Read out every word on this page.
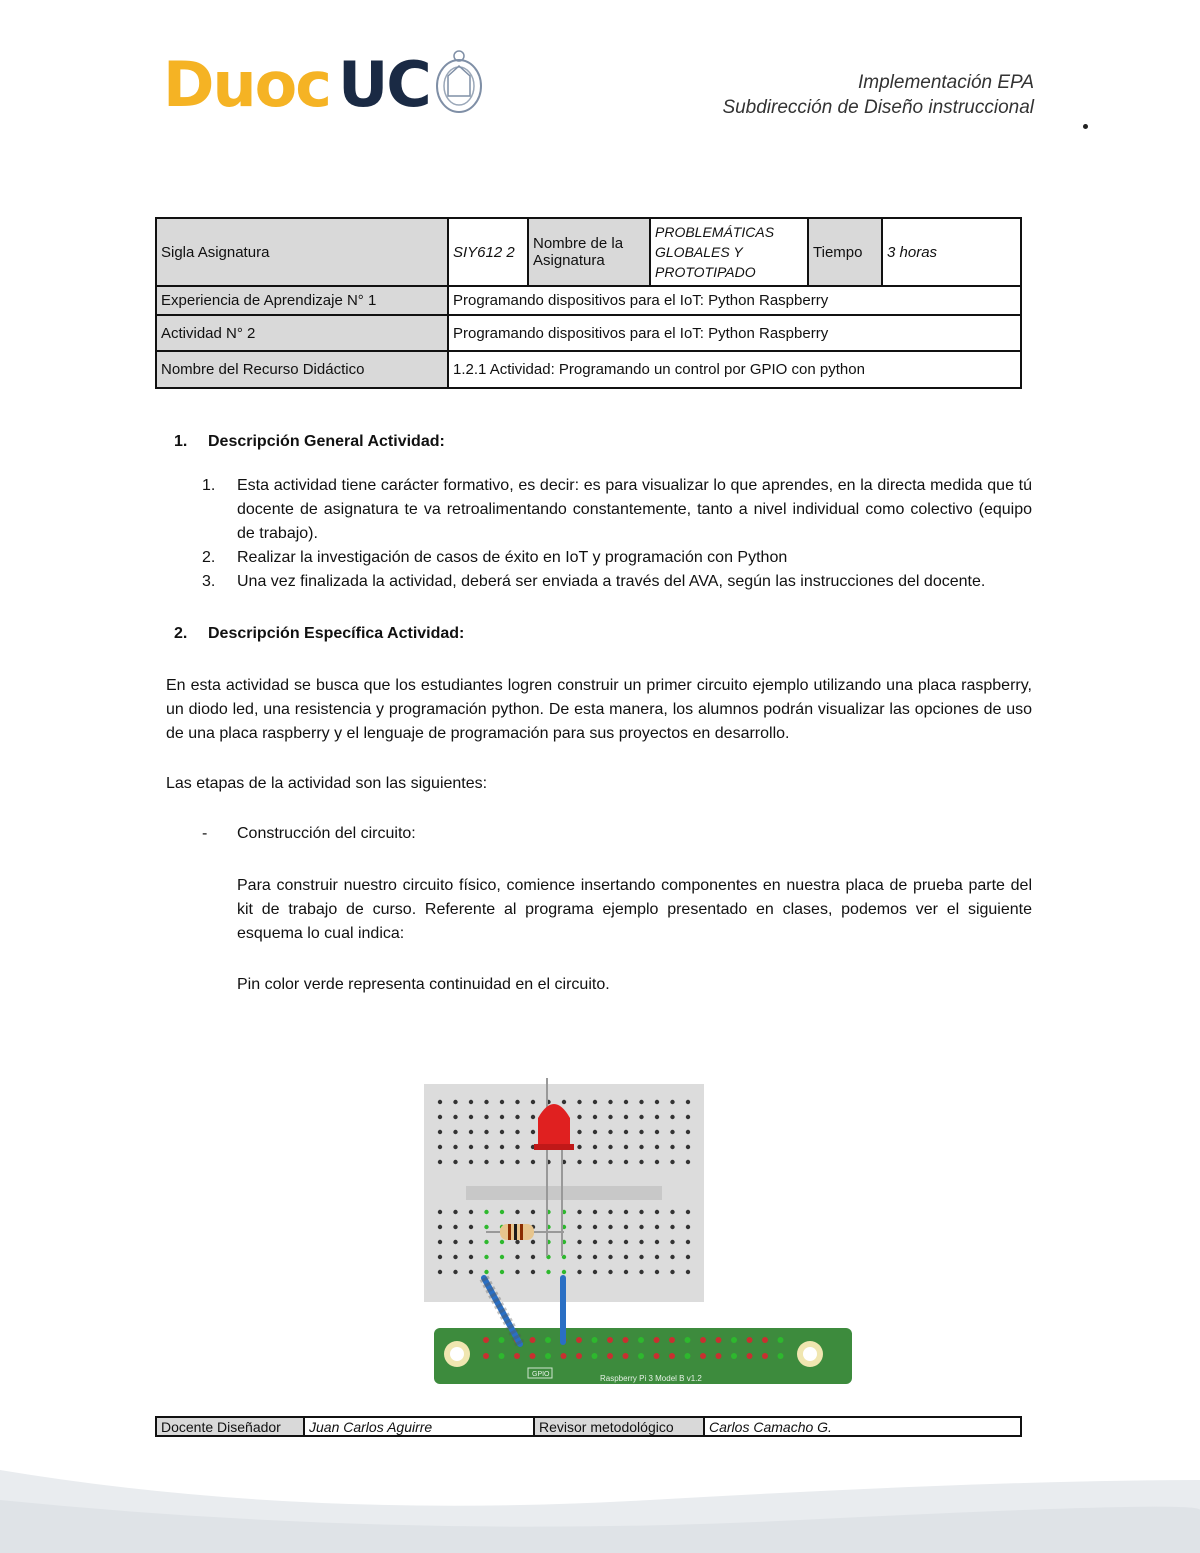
Duoc UC	Implementación EPA
Subdirección de Diseño instruccional
Sigla Asignatura	SIY612 2	Nombre de la Asignatura	PROBLEMÁTICAS GLOBALES Y PROTOTIPADO	Tiempo	3 horas
Experiencia de Aprendizaje N° 1	Programando dispositivos para el IoT: Python Raspberry				
Actividad N° 2	Programando dispositivos para el IoT: Python Raspberry				
Nombre del Recurso Didáctico	1.2.1 Actividad: Programando un control por GPIO con python				
1.	Descripción General Actividad:
1.	Esta actividad tiene carácter formativo, es decir: es para visualizar lo que aprendes, en la directa medida que tú docente de asignatura te va retroalimentando constantemente, tanto a nivel individual como colectivo (equipo de trabajo).
2.	Realizar la investigación de casos de éxito en IoT y programación con Python
3.	Una vez finalizada la actividad, deberá ser enviada a través del AVA, según las instrucciones del docente.
2.	Descripción Específica Actividad:

En esta actividad se busca que los estudiantes logren construir un primer circuito ejemplo utilizando una placa raspberry, un diodo led, una resistencia y programación python. De esta manera, los alumnos podrán visualizar las opciones de uso de una placa raspberry y el lenguaje de programación para sus proyectos en desarrollo.

Las etapas de la actividad son las siguientes:

-	Construcción del circuito:

Para construir nuestro circuito físico, comience insertando componentes en nuestra placa de prueba parte del kit de trabajo de curso. Referente al programa ejemplo presentado en clases, podemos ver el siguiente esquema lo cual indica:

Pin color verde representa continuidad en el circuito.

GPIO	Raspberry Pi 3 Model B v1.2
Docente Diseñador	Juan Carlos Aguirre	Revisor metodológico	Carlos Camacho G.
